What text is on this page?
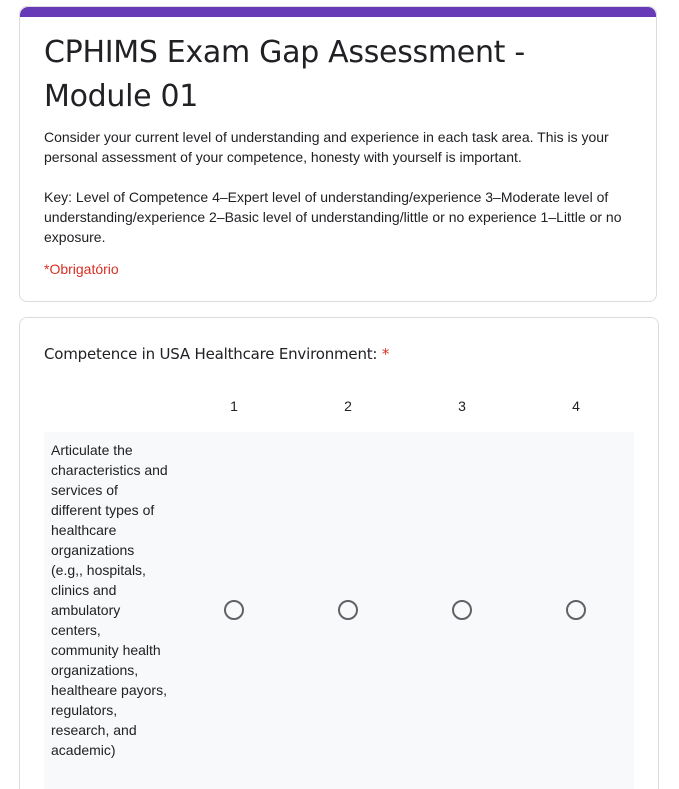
CPHIMS Exam Gap Assessment - Module 01

Consider your current level of understanding and experience in each task area. This is your personal assessment of your competence, honesty with yourself is important.

Key: Level of Competence 4–Expert level of understanding/experience 3–Moderate level of understanding/experience 2–Basic level of understanding/little or no experience 1–Little or no  exposure.

*Obrigatório

Competence in USA Healthcare Environment: *

1	2	3	4
Articulate the characteristics and services of different types of healthcare organizations (e.g,, hospitals, clinics and ambulatory centers, community health organizations, healtheare payors, regulators, research, and academic)
